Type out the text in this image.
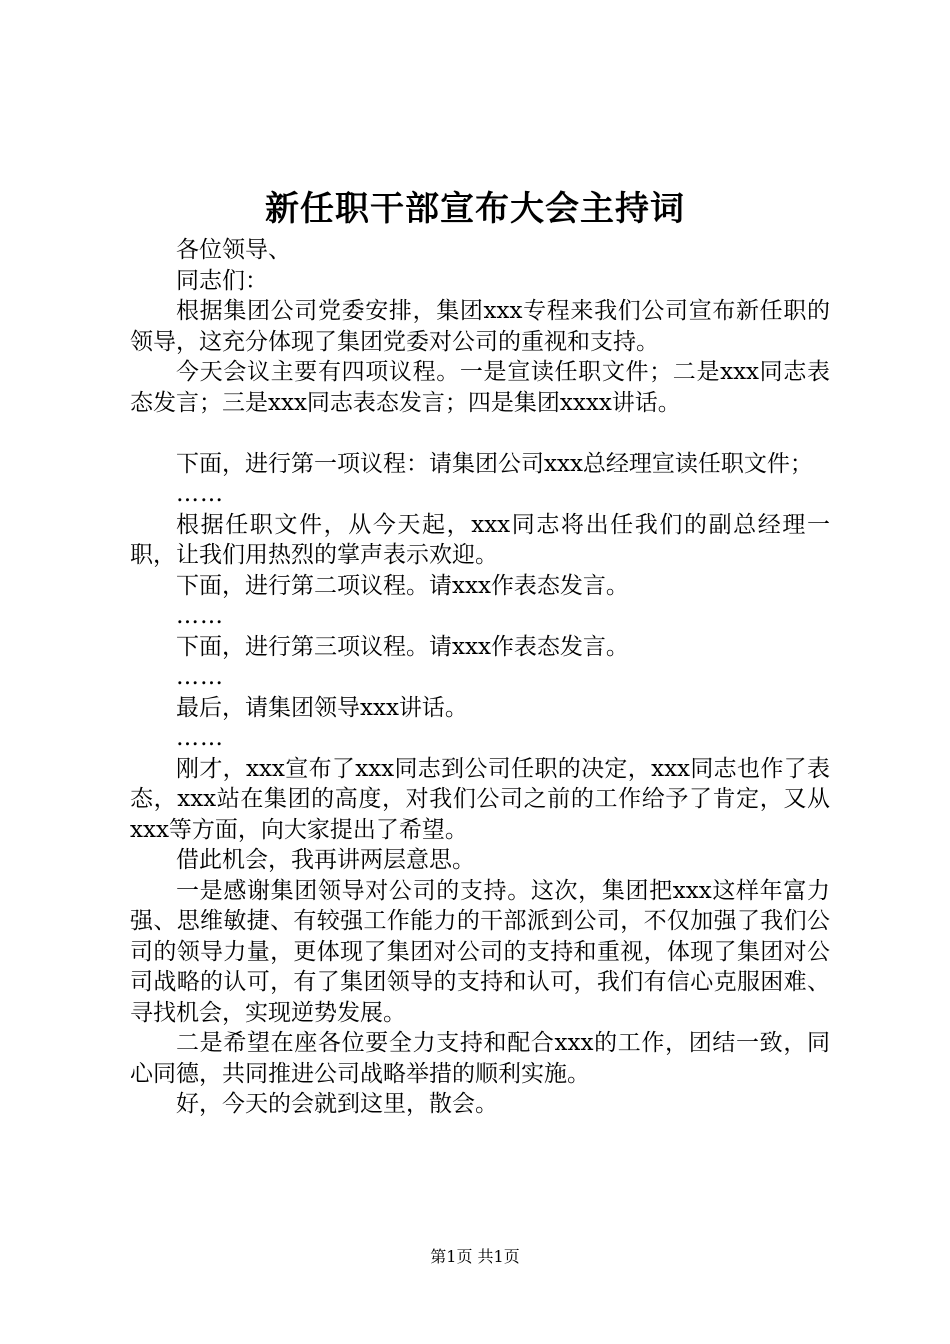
新任职干部宣布大会主持词

各位领导、

同志们：

根据集团公司党委安排，集团xxx专程来我们公司宣布新任职的领导，这充分体现了集团党委对公司的重视和支持。

今天会议主要有四项议程。一是宣读任职文件；二是xxx同志表态发言；三是xxx同志表态发言；四是集团xxxx讲话。

下面，进行第一项议程：请集团公司xxx总经理宣读任职文件；

……

根据任职文件，从今天起，xxx同志将出任我们的副总经理一职，让我们用热烈的掌声表示欢迎。

下面，进行第二项议程。请xxx作表态发言。

……

下面，进行第三项议程。请xxx作表态发言。

……

最后，请集团领导xxx讲话。

……

刚才，xxx宣布了xxx同志到公司任职的决定，xxx同志也作了表态，xxx站在集团的高度，对我们公司之前的工作给予了肯定，又从xxx等方面，向大家提出了希望。

借此机会，我再讲两层意思。

一是感谢集团领导对公司的支持。这次，集团把xxx这样年富力强、思维敏捷、有较强工作能力的干部派到公司，不仅加强了我们公司的领导力量，更体现了集团对公司的支持和重视，体现了集团对公司战略的认可，有了集团领导的支持和认可，我们有信心克服困难、寻找机会，实现逆势发展。

二是希望在座各位要全力支持和配合xxx的工作，团结一致，同心同德，共同推进公司战略举措的顺利实施。

好，今天的会就到这里，散会。

第1页 共1页
